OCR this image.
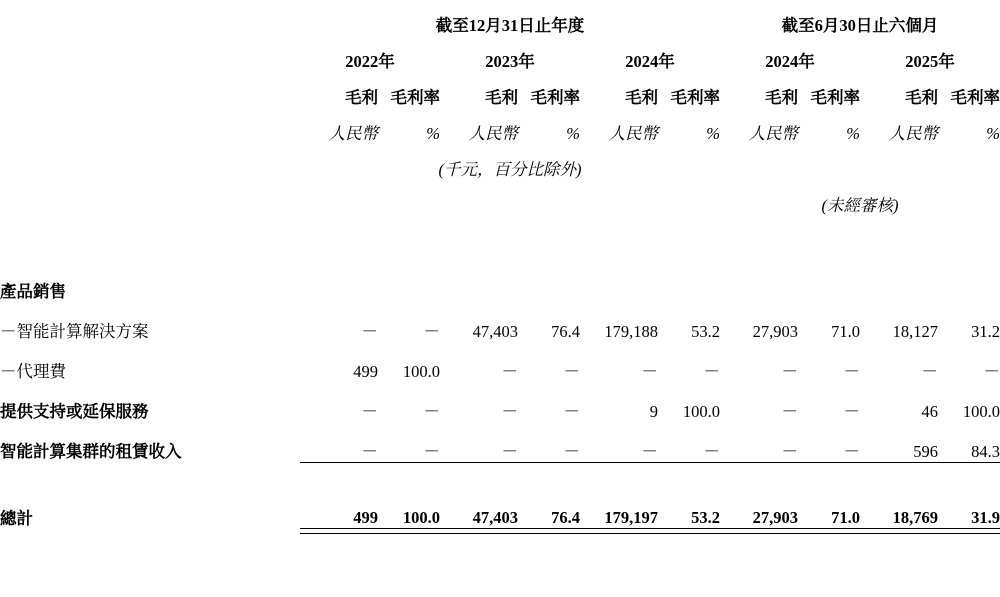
	截至12月31日止年度						截至6月30日止六個月			
	2022年		2023年		2024年		2024年		2025年	
	毛利	毛利率	毛利	毛利率	毛利	毛利率	毛利	毛利率	毛利	毛利率
	人民幣	%	人民幣	%	人民幣	%	人民幣	%	人民幣	%
	(千元，百分比除外)									
							(未經審核)			

產品銷售										
－智能計算解決方案	－	－	47,403	76.4	179,188	53.2	27,903	71.0	18,127	31.2
－代理費	499	100.0	－	－	－	－	－	－	－	－
提供支持或延保服務	－	－	－	－	9	100.0	－	－	46	100.0
智能計算集群的租賃收入	－	－	－	－	－	－	－	－	596	84.3

總計	499	100.0	47,403	76.4	179,197	53.2	27,903	71.0	18,769	31.9
